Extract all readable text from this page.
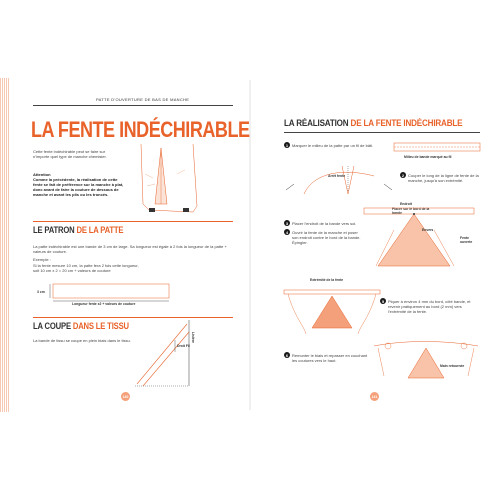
PATTE D'OUVERTURE DE BAS DE MANCHE
LA FENTE INDÉCHIRABLE
Cette fente indéchirable peut se faire sur n'importe quel type de manche chemisier.
Attention
Comme la précédente, la réalisation de cette fente se fait de préférence sur la manche à plat, donc avant de faire la couture de dessous de manche et avant les plis ou les troncés.
LE PATRON DE LA PATTE
La patte indéchirable est une bande de 3 cm de large. Sa longueur est égale à 2 fois la longueur de la patte + valeurs de couture.
Exemple :
Si la fente mesure 10 cm, la patte fera 2 fois cette longueur,
soit 10 cm x 2 = 20 cm + valeurs de couture
3 cm
Longueur fente x2 + valeurs de couture
LA COUPE DANS LE TISSU
La bande de tissu se coupe en plein biais dans le tissu.
Droit Fil
Lisière
140
LA RÉALISATION DE LA FENTE INDÉCHIRABLE
1 Marquer le milieu de la patte par un fil de bâti.
Milieu de bande marqué au fil
Arrêt fente	2 Couper le long de la ligne de fente de la manche, jusqu'à son extrémité.
Endroit
Placer sur le bord de la bande
3 Placer l'endroit de la bande vers soi.
4 Ouvrir la fente de la manche et poser son endroit contre le bord de la bande. Épingler.
Envers
Fente ouverte
Extrémité de la fente
5 Piquer à environ 4 mm du bord, côté bande, et revenir pratiquement au bord (2 mm) vers l'extrémité de la fente.
6 Remonter le biais et repasser en couchant les coutures vers le haut.
Main retournée
141
